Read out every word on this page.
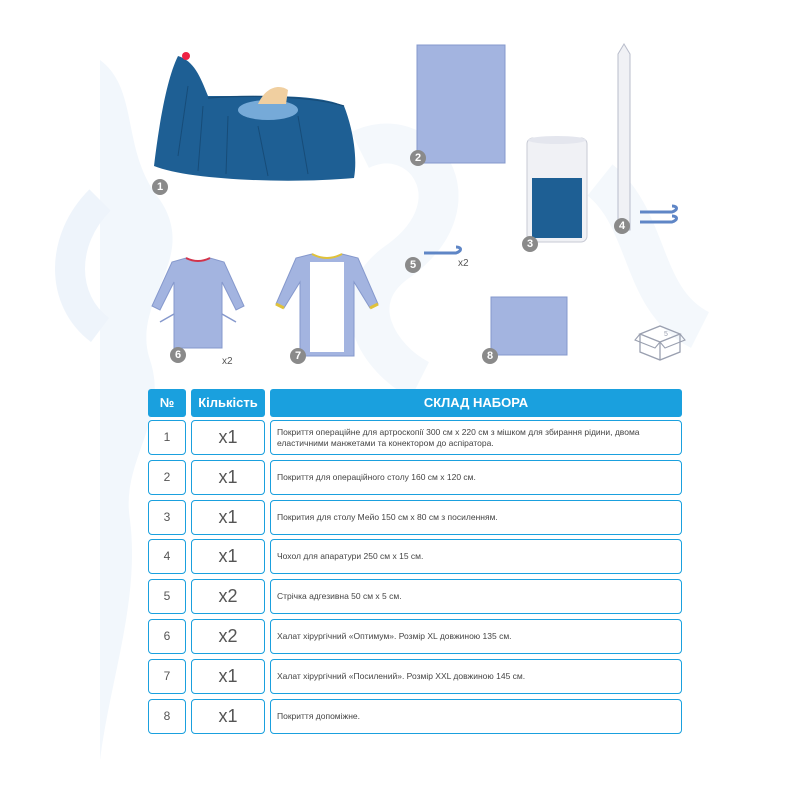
1
2
3
4
5	x2
6
x2	7	8
5
№	Кількість	СКЛАД НАБОРА
1	x1	Покриття операційне для артроскопії 300 см х 220 см з мішком для збирання рідини, двома еластичними манжетами та конектором до аспіратора.
2	x1	Покриття для операційного столу 160 см х 120 см.
3	x1	Покрития для столу Мейо 150 см х 80 см з посиленням.
4	x1	Чохол для апаратури 250 см х 15 см.
5	x2	Стрічка адгезивна 50 см х 5 см.
6	x2	Халат хірургічний «Оптимум». Розмір XL довжиною 135 см.
7	x1	Халат хірургічний «Посилений». Розмір XXL довжиною 145 см.
8	x1	Покриття допоміжне.
